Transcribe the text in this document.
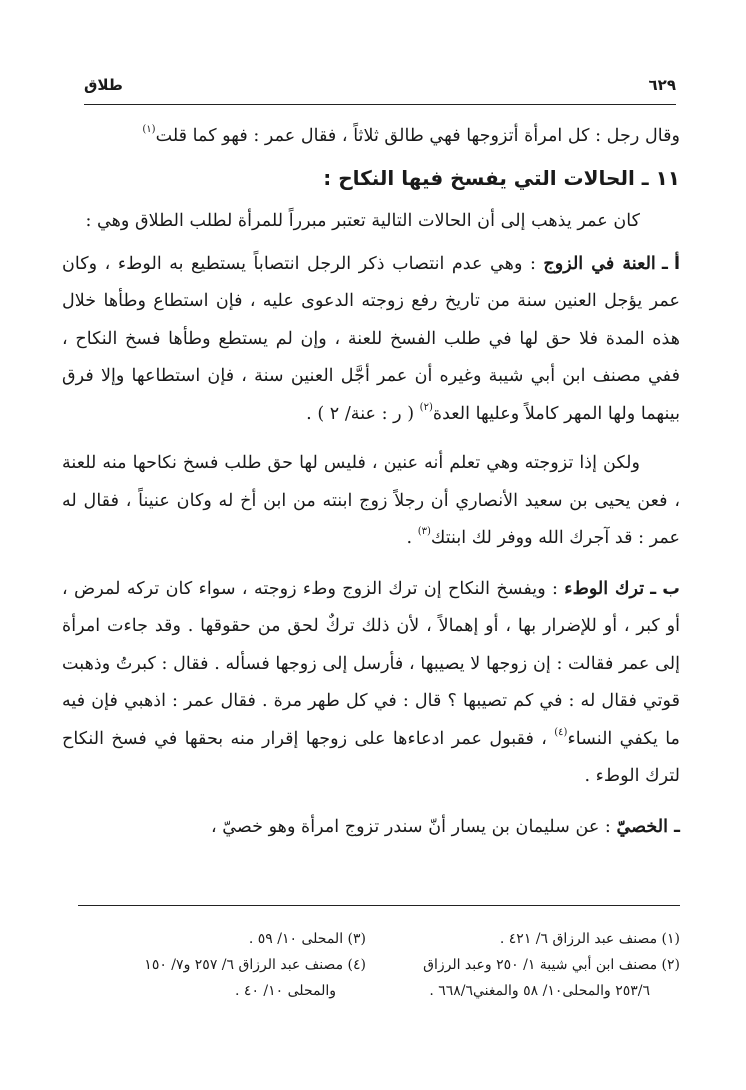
٦٢٩
طلاق

وقال رجل : كل امرأة أتزوجها فهي طالق ثلاثاً ، فقال عمر : فهو كما قلت$^{(١)}$

١١ ـ الحالات التي يفسخ فيها النكاح :

كان عمر يذهب إلى أن الحالات التالية تعتبر مبرراً للمرأة لطلب الطلاق وهي :

أ ـالعنة في الزوج : وهي عدم انتصاب ذكر الرجل انتصاباً يستطيع به الوطء ، وكان عمر يؤجل العنين سنة من تاريخ رفع زوجته الدعوى عليه ، فإن استطاع وطأها خلال هذه المدة فلا حق لها في طلب الفسخ للعنة ، وإن لم يستطع وطأها فسخ النكاح ، ففي مصنف ابن أبي شيبة وغيره أن عمر أجَّل العنين سنة ، فإن استطاعها وإلا فرق بينهما ولها المهر كاملاً وعليها العدة$^{(٢)}$ ( ر : عنة/ ٢ ) .

ولكن إذا تزوجته وهي تعلم أنه عنين ، فليس لها حق طلب فسخ نكاحها منه للعنة ، فعن يحيى بن سعيد الأنصاري أن رجلاً زوج ابنته من ابن أخ له وكان عنيناً ، فقال له عمر : قد آجرك الله ووفر لك ابنتك$^{(٣)}$ .

ب ـترك الوطء : ويفسخ النكاح إن ترك الزوج وطء زوجته ، سواء كان تركه لمرض ، أو كبر ، أو للإضرار بها ، أو إهمالاً ، لأن ذلك تركٌ لحق من حقوقها . وقد جاءت امرأة إلى عمر فقالت : إن زوجها لا يصيبها ، فأرسل إلى زوجها فسأله . فقال : كبرتُ وذهبت قوتي فقال له : في كم تصيبها ؟ قال : في كل طهر مرة . فقال عمر : اذهبي فإن فيه ما يكفي النساء$^{(٤)}$ ، فقبول عمر ادعاءها على زوجها إقرار منه بحقها في فسخ النكاح لترك الوطء .

ـالخصيّ : عن سليمان بن يسار أنّ سندر تزوج امرأة وهو خصيّ ،

(١) مصنف عبد الرزاق ٦/ ٤٢١ .
(٢) مصنف ابن أبي شيبة ١/ ٢٥٠ وعبد الرزاق
٢٥٣/٦ والمحلى١٠/ ٥٨ والمغني٦٦٨/٦ .
(٣) المحلى ١٠/ ٥٩ .
(٤) مصنف عبد الرزاق ٦/ ٢٥٧ و٧/ ١٥٠
والمحلى ١٠/ ٤٠ .
